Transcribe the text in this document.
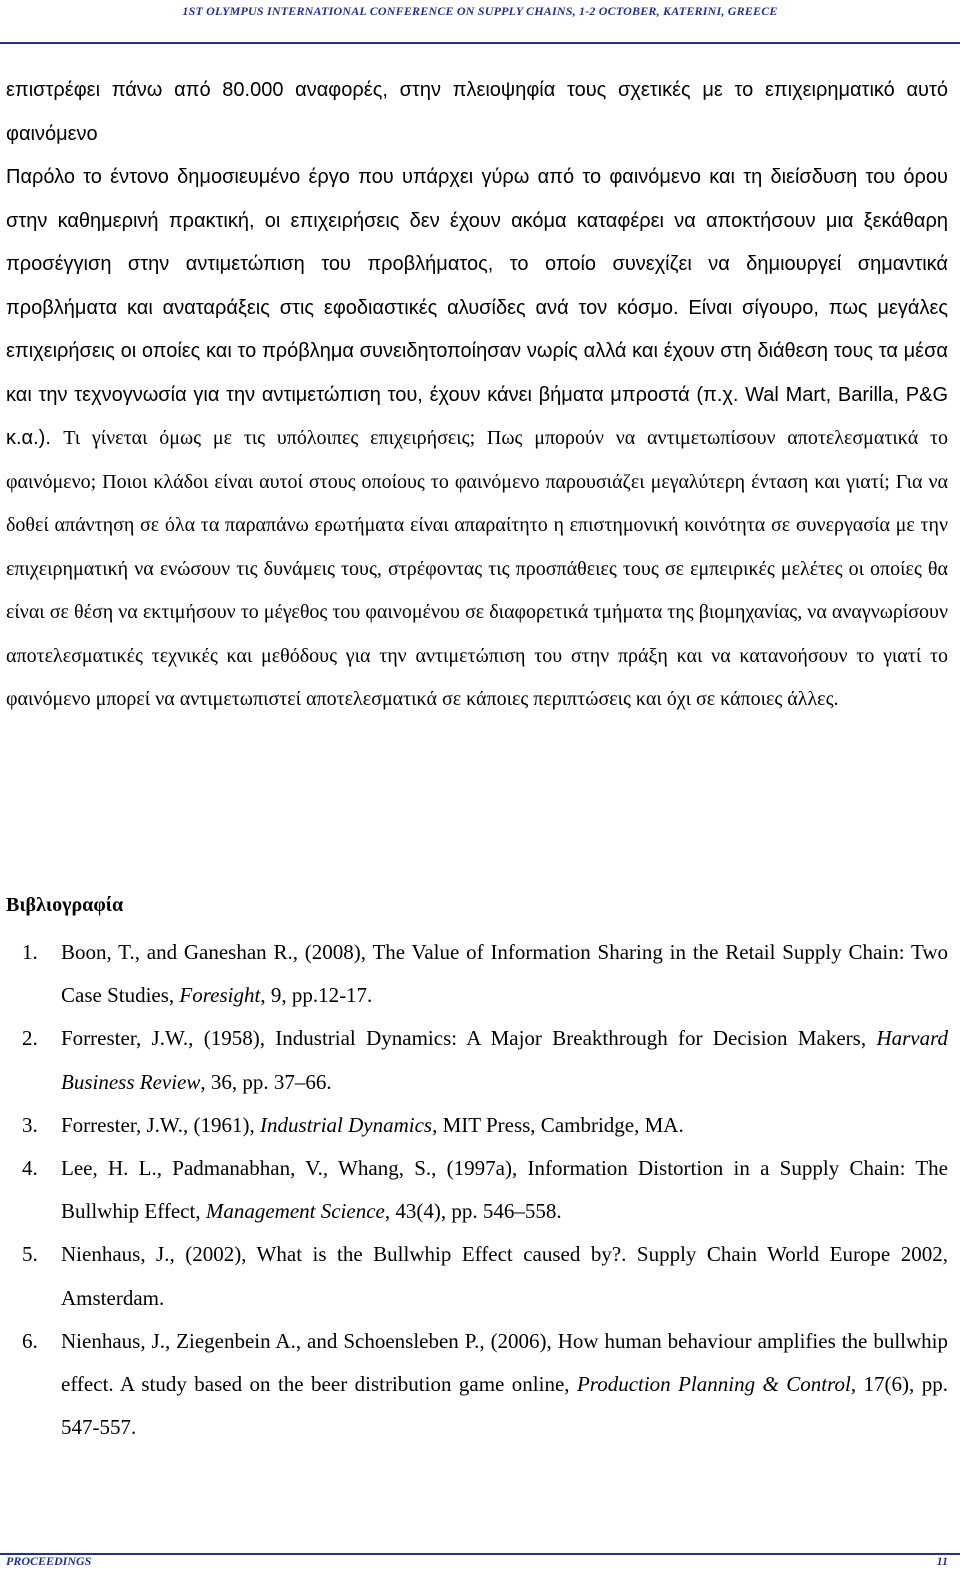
1ST OLYMPUS INTERNATIONAL CONFERENCE ON SUPPLY CHAINS, 1-2 OCTOBER, KATERINI, GREECE

επιστρέφει πάνω από 80.000 αναφορές, στην πλειοψηφία τους σχετικές με το επιχειρηματικό αυτό φαινόμενο

Παρόλο το έντονο δημοσιευμένο έργο που υπάρχει γύρω από το φαινόμενο και τη διείσδυση του όρου στην καθημερινή πρακτική, οι επιχειρήσεις δεν έχουν ακόμα καταφέρει να αποκτήσουν μια ξεκάθαρη προσέγγιση στην αντιμετώπιση του προβλήματος, το οποίο συνεχίζει να δημιουργεί σημαντικά προβλήματα και αναταράξεις στις εφοδιαστικές αλυσίδες ανά τον κόσμο. Είναι σίγουρο, πως μεγάλες επιχειρήσεις οι οποίες και το πρόβλημα συνειδητοποίησαν νωρίς αλλά και έχουν στη διάθεση τους τα μέσα και την τεχνογνωσία για την αντιμετώπιση του, έχουν κάνει βήματα μπροστά (π.χ. Wal Mart, Barilla, P&G κ.α.). Τι γίνεται όμως με τις υπόλοιπες επιχειρήσεις; Πως μπορούν να αντιμετωπίσουν αποτελεσματικά το φαινόμενο; Ποιοι κλάδοι είναι αυτοί στους οποίους το φαινόμενο παρουσιάζει μεγαλύτερη ένταση και γιατί; Για να δοθεί απάντηση σε όλα τα παραπάνω ερωτήματα είναι απαραίτητο η επιστημονική κοινότητα σε συνεργασία με την επιχειρηματική να ενώσουν τις δυνάμεις τους, στρέφοντας τις προσπάθειες τους σε εμπειρικές μελέτες οι οποίες θα είναι σε θέση να εκτιμήσουν το μέγεθος του φαινομένου σε διαφορετικά τμήματα της βιομηχανίας, να αναγνωρίσουν αποτελεσματικές τεχνικές και μεθόδους για την αντιμετώπιση του στην πράξη και να κατανοήσουν το γιατί το φαινόμενο μπορεί να αντιμετωπιστεί αποτελεσματικά σε κάποιες περιπτώσεις και όχι σε κάποιες άλλες.

Βιβλιογραφία
1. Boon, T., and Ganeshan R., (2008), The Value of Information Sharing in the Retail Supply Chain: Two Case Studies, Foresight, 9, pp.12-17.
2. Forrester, J.W., (1958), Industrial Dynamics: A Major Breakthrough for Decision Makers, Harvard Business Review, 36, pp. 37–66.
3. Forrester, J.W., (1961), Industrial Dynamics, MIT Press, Cambridge, MA.
4. Lee, H. L., Padmanabhan, V., Whang, S., (1997a), Information Distortion in a Supply Chain: The Bullwhip Effect, Management Science, 43(4), pp. 546–558.
5. Nienhaus, J., (2002), What is the Bullwhip Effect caused by?. Supply Chain World Europe 2002, Amsterdam.
6. Nienhaus, J., Ziegenbein A., and Schoensleben P., (2006), How human behaviour amplifies the bullwhip effect. A study based on the beer distribution game online, Production Planning & Control, 17(6), pp. 547-557.
PROCEEDINGS	11
